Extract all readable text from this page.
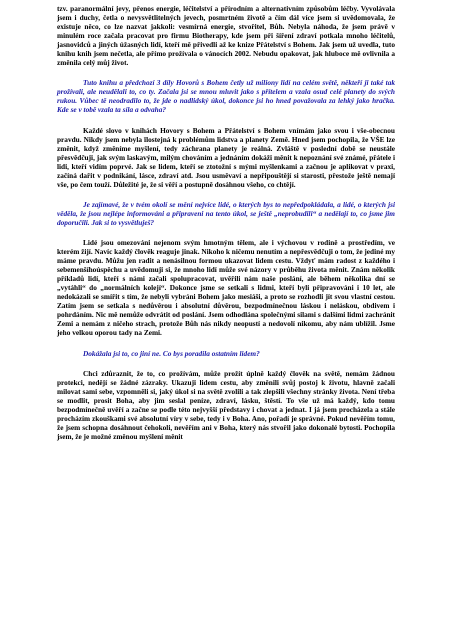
tzv. paranormální jevy, přenos energie, léčitelství a přírodním a alternativním způsobům léčby. Vyvolávala jsem i duchy, četla o nevysvětlitelných jevech, posmrtném životě a čím dál více jsem si uvědomovala, že existuje něco, co lze nazvat jakkoli: vesmírná energie, stvořitel, Bůh. Nebyla náhoda, že jsem právě v minulém roce začala pracovat pro firmu Biotherapy, kde jsem při šíření zdraví potkala mnoho léčitelů, jasnovidců a jiných úžasných lidí, kteří mě přivedli až ke knize Přátelství s Bohem. Jak jsem už uvedla, tuto knihu knih jsem nečetla, ale přímo prožívala o vánocích 2002. Nebudu opakovat, jak hluboce mě ovlivnila a změnila celý můj život.

Tuto knihu a předchozí 3 díly Hovorů s Bohem četly už miliony lidí na celém světě, někteří ji také tak prožívali, ale neudělali to, co ty. Začala jsi se mnou mluvit jako s přítelem a vzala osud celé planety do svých rukou. Vůbec tě neodradilo to, že jde o nadlidský úkol, dokonce jsi ho hned považovala za lehký jako hračka. Kde se v tobě vzala ta síla a odvaha?

Každé slovo v knihách Hovory s Bohem a Přátelství s Bohem vnímám jako svou i vše-obecnou pravdu. Nikdy jsem nebyla īlostejná k problémům lidstva a planety Země. Hned jsem pochopila, že VŠE lze změnit, když změníme myšlení, tedy záchrana planety je reálná. Zvláště v poslední době se neustále přesvědčuji, jak svým laskavým, milým chováním a jednáním dokáži měnit k nepoznání své známé, přátele i lidi, kteří vidím poprvé. Jak se lidem, kteří se ztotožní s mými myšlenkami a začnou je aplikovat v praxi, začíná dařit v podnikání, lásce, zdraví atd. Jsou usměvaví a nepřipouštějí si starosti, přestože ještě nemají vše, po čem touží. Důležité je, že si věří a postupně dosáhnou všeho, co chtějí.

Je zajímavé, že v tvém okolí se mění nejvíce lidé, o kterých bys to nepředpokládala, a lidé, o kterých jsi věděla, že jsou nejlépe informováni a připraveni na tento úkol, se ještě „neprobudili“ a nedělají to, co jsme jim doporučili. Jak si to vysvětluješ?

Lidé jsou omezováni nejenom svým hmotným tělem, ale i výchovou v rodině a prostředím, ve kterém žijí. Navíc každý člověk reaguje jinak. Nikoho k ničemu nenutím a nepřesvědčuji o tom, že jediné my máme pravdu. Můžu jen radit a nenásilnou formou ukazovat lidem cestu. Vždyť mám radost z každého i sebemenšíhoúspěchu a uvědomuji si, že mnoho lidí může své názory v průběhu života měnit. Znám několik příkladů lidí, kteří s námi začali spolupracovat, uvěřili nám naše poslání, ale během několika dní se „vytáhli“ do „normálních kolejí“. Dokonce jsme se setkali s lidmi, kteří byli připravováni i 10 let, ale nedokázali se smířit s tím, že nebyli vybráni Bohem jako mesiáši, a proto se rozhodli jít svou vlastní cestou. Zatím jsem se setkala s nedůvěrou i absolutní důvěrou, bezpodmínečnou láskou i neláskou, obdivem i pohrdáním. Nic mě nemůže odvrátit od poslání. Jsem odhodlána společnými silami s dalšími lidmi zachránit Zemi a nemám z ničeho strach, protože Bůh nás nikdy neopustí a nedovolí nikomu, aby nám ublížil. Jsme jeho velkou oporou tady na Zemi.

Dokážala jsi to, co jiní ne. Co bys poradila ostatním lidem?

Chci zdůraznit, že to, co prožívám, může prožít úplně každý člověk na světě, nemám žádnou protekci, nedějí se žádné zázraky. Ukazuji lidem cestu, aby změnili svůj postoj k životu, hlavně začali milovat sami sebe, vzpomněli si, jaký úkol si na světě zvolili a tak zlepšili všechny stránky života. Není třeba se modlit, prosit Boha, aby jim seslal peníze, zdraví, lásku, štěstí. To vše už má každý, kdo tomu bezpodmínečně uvěří a začne se podle této nejvyšší představy i chovat a jednat. I já jsem procházela a stále procházím zkouškami své absolutní víry v sebe, tedy i v Boha. Ano, pořadí je správné. Pokud nevěřím tomu, že jsem schopna dosáhnout čehokoli, nevěřím ani v Boha, který nás stvořil jako dokonalé bytosti. Pochopila jsem, že je možné změnou myšlení měnit
